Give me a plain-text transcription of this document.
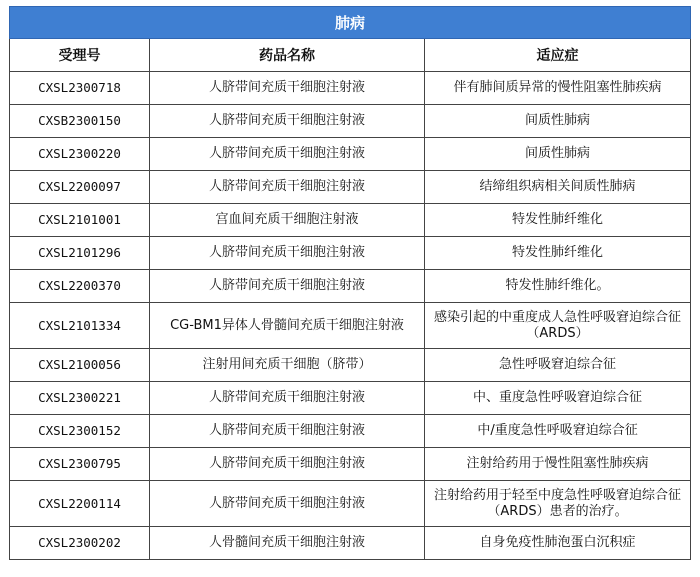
肺病		
受理号	药品名称	适应症
CXSL2300718	人脐带间充质干细胞注射液	伴有肺间质异常的慢性阻塞性肺疾病
CXSB2300150	人脐带间充质干细胞注射液	间质性肺病
CXSL2300220	人脐带间充质干细胞注射液	间质性肺病
CXSL2200097	人脐带间充质干细胞注射液	结缔组织病相关间质性肺病
CXSL2101001	宫血间充质干细胞注射液	特发性肺纤维化
CXSL2101296	人脐带间充质干细胞注射液	特发性肺纤维化
CXSL2200370	人脐带间充质干细胞注射液	特发性肺纤维化。
CXSL2101334	CG-BM1异体人骨髓间充质干细胞注射液	感染引起的中重度成人急性呼吸窘迫综合征（ARDS）
CXSL2100056	注射用间充质干细胞（脐带）	急性呼吸窘迫综合征
CXSL2300221	人脐带间充质干细胞注射液	中、重度急性呼吸窘迫综合征
CXSL2300152	人脐带间充质干细胞注射液	中/重度急性呼吸窘迫综合征
CXSL2300795	人脐带间充质干细胞注射液	注射给药用于慢性阻塞性肺疾病
CXSL2200114	人脐带间充质干细胞注射液	注射给药用于轻至中度急性呼吸窘迫综合征（ARDS）患者的治疗。
CXSL2300202	人骨髓间充质干细胞注射液	自身免疫性肺泡蛋白沉积症
